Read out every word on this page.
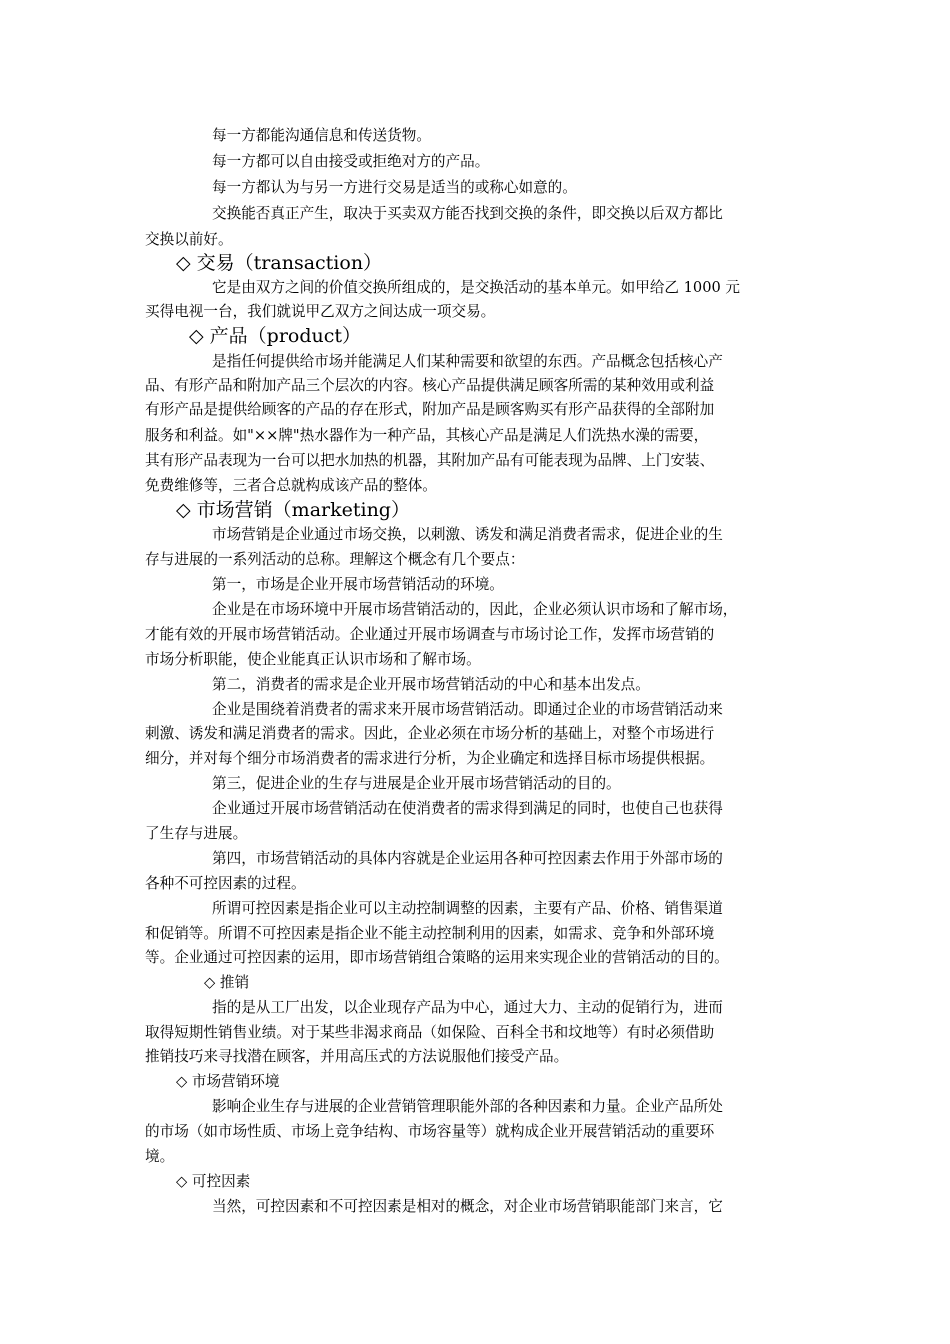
每一方都能沟通信息和传送货物。
每一方都可以自由接受或拒绝对方的产品。
每一方都认为与另一方进行交易是适当的或称心如意的。
交换能否真正产生，取决于买卖双方能否找到交换的条件，即交换以后双方都比
交换以前好。
◇ 交易（transaction）
它是由双方之间的价值交换所组成的，是交换活动的基本单元。如甲给乙 1000 元
买得电视一台，我们就说甲乙双方之间达成一项交易。
◇ 产品（product）
是指任何提供给市场并能满足人们某种需要和欲望的东西。产品概念包括核心产
品、有形产品和附加产品三个层次的内容。核心产品提供满足顾客所需的某种效用或利益
有形产品是提供给顾客的产品的存在形式，附加产品是顾客购买有形产品获得的全部附加
服务和利益。如"××牌"热水器作为一种产品，其核心产品是满足人们洗热水澡的需要，
其有形产品表现为一台可以把水加热的机器，其附加产品有可能表现为品牌、上门安装、
免费维修等，三者合总就构成该产品的整体。
◇ 市场营销（marketing）
市场营销是企业通过市场交换，以刺激、诱发和满足消费者需求，促进企业的生
存与进展的一系列活动的总称。理解这个概念有几个要点：
第一，市场是企业开展市场营销活动的环境。
企业是在市场环境中开展市场营销活动的，因此，企业必须认识市场和了解市场，
才能有效的开展市场营销活动。企业通过开展市场调查与市场讨论工作，发挥市场营销的
市场分析职能，使企业能真正认识市场和了解市场。
第二，消费者的需求是企业开展市场营销活动的中心和基本出发点。
企业是围绕着消费者的需求来开展市场营销活动。即通过企业的市场营销活动来
刺激、诱发和满足消费者的需求。因此，企业必须在市场分析的基础上，对整个市场进行
细分，并对每个细分市场消费者的需求进行分析，为企业确定和选择目标市场提供根据。
第三，促进企业的生存与进展是企业开展市场营销活动的目的。
企业通过开展市场营销活动在使消费者的需求得到满足的同时，也使自己也获得
了生存与进展。
第四，市场营销活动的具体内容就是企业运用各种可控因素去作用于外部市场的
各种不可控因素的过程。
所谓可控因素是指企业可以主动控制调整的因素，主要有产品、价格、销售渠道
和促销等。所谓不可控因素是指企业不能主动控制利用的因素，如需求、竞争和外部环境
等。企业通过可控因素的运用，即市场营销组合策略的运用来实现企业的营销活动的目的。
◇ 推销
指的是从工厂出发，以企业现存产品为中心，通过大力、主动的促销行为，进而
取得短期性销售业绩。对于某些非渴求商品（如保险、百科全书和坟地等）有时必须借助
推销技巧来寻找潜在顾客，并用高压式的方法说服他们接受产品。
◇ 市场营销环境
影响企业生存与进展的企业营销管理职能外部的各种因素和力量。企业产品所处
的市场（如市场性质、市场上竞争结构、市场容量等）就构成企业开展营销活动的重要环
境。
◇ 可控因素
当然，可控因素和不可控因素是相对的概念，对企业市场营销职能部门来言，它
